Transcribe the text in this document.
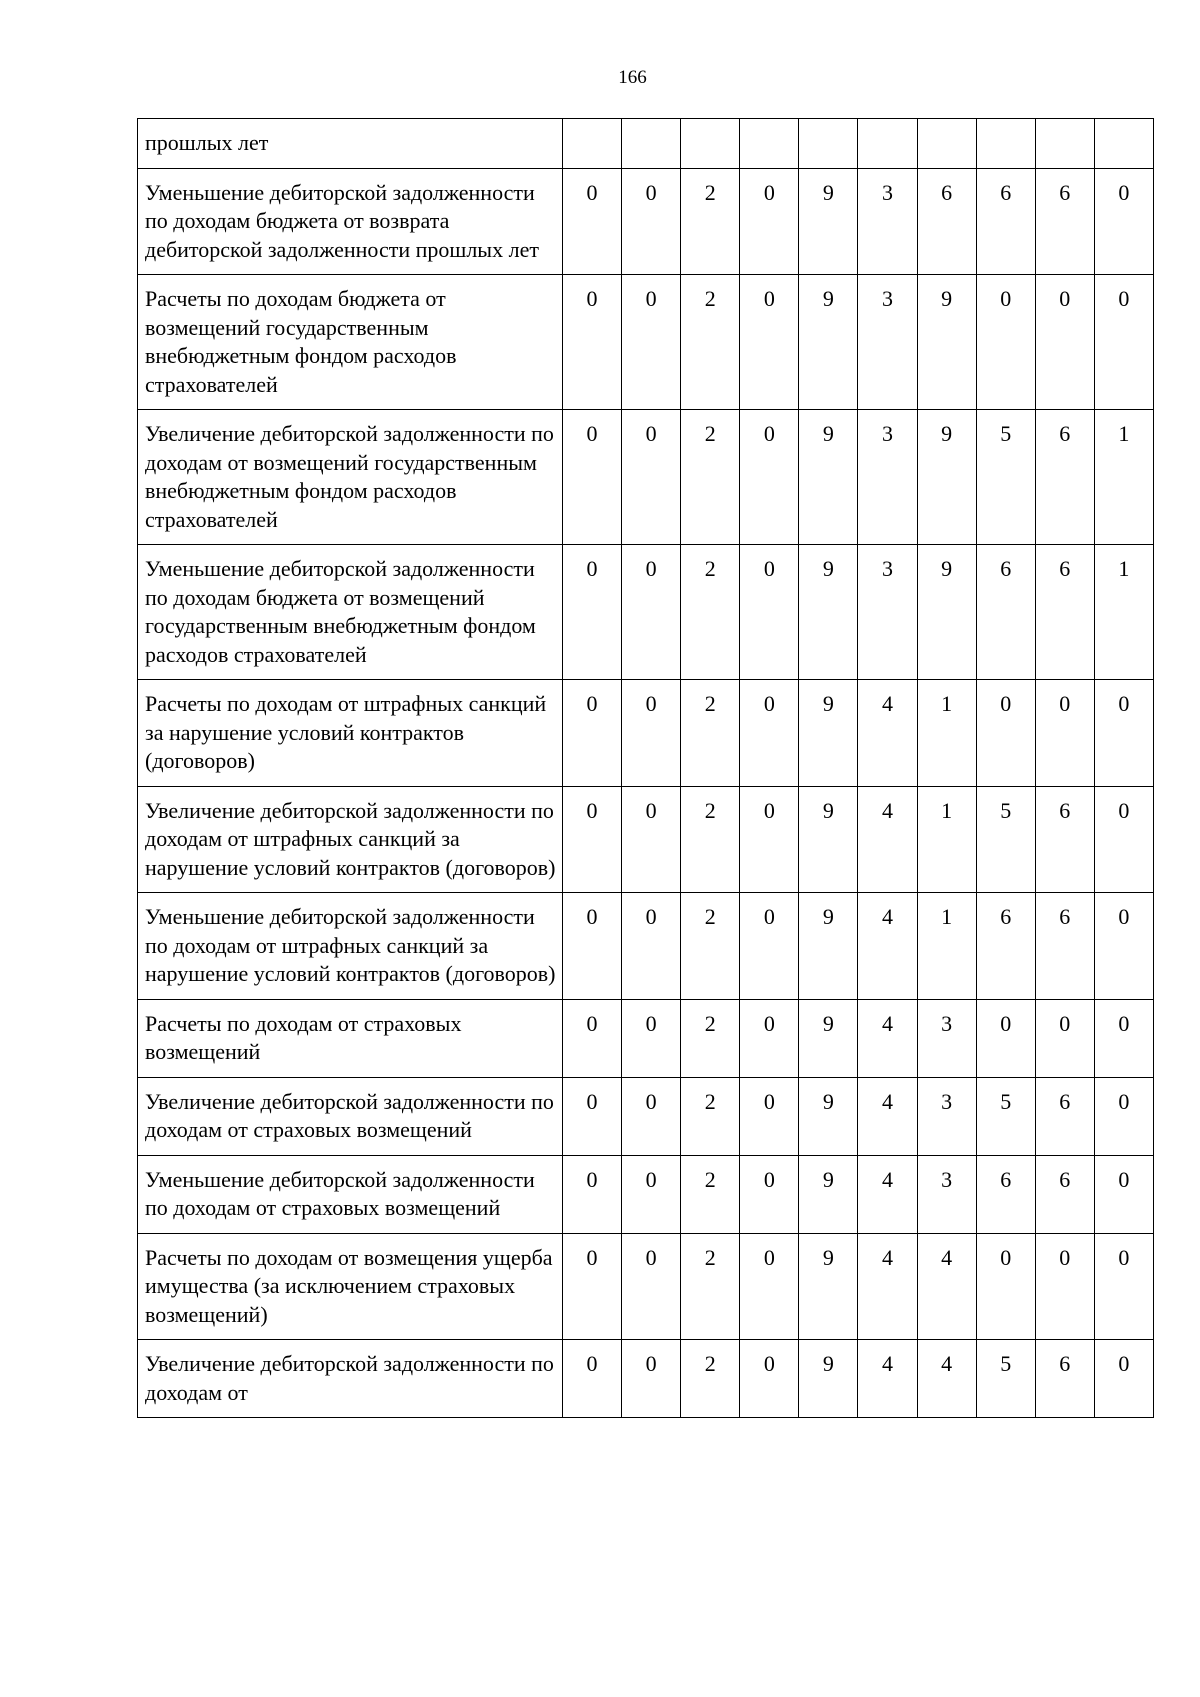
166
прошлых лет										
Уменьшение дебиторской задолженности по доходам бюджета от возврата дебиторской задолженности прошлых лет	0	0	2	0	9	3	6	6	6	0
Расчеты по доходам бюджета от возмещений государственным внебюджетным фондом расходов страхователей	0	0	2	0	9	3	9	0	0	0
Увеличение дебиторской задолженности по доходам от возмещений государственным внебюджетным фондом расходов страхователей	0	0	2	0	9	3	9	5	6	1
Уменьшение дебиторской задолженности по доходам бюджета от возмещений государственным внебюджетным фондом расходов страхователей	0	0	2	0	9	3	9	6	6	1
Расчеты по доходам от штрафных санкций за нарушение условий контрактов (договоров)	0	0	2	0	9	4	1	0	0	0
Увеличение дебиторской задолженности по доходам от штрафных санкций за нарушение условий контрактов (договоров)	0	0	2	0	9	4	1	5	6	0
Уменьшение дебиторской задолженности по доходам от штрафных санкций за нарушение условий контрактов (договоров)	0	0	2	0	9	4	1	6	6	0
Расчеты по доходам от страховых возмещений	0	0	2	0	9	4	3	0	0	0
Увеличение дебиторской задолженности по доходам от страховых возмещений	0	0	2	0	9	4	3	5	6	0
Уменьшение дебиторской задолженности по доходам от страховых возмещений	0	0	2	0	9	4	3	6	6	0
Расчеты по доходам от возмещения ущерба имущества (за исключением страховых возмещений)	0	0	2	0	9	4	4	0	0	0
Увеличение дебиторской задолженности по доходам от	0	0	2	0	9	4	4	5	6	0
